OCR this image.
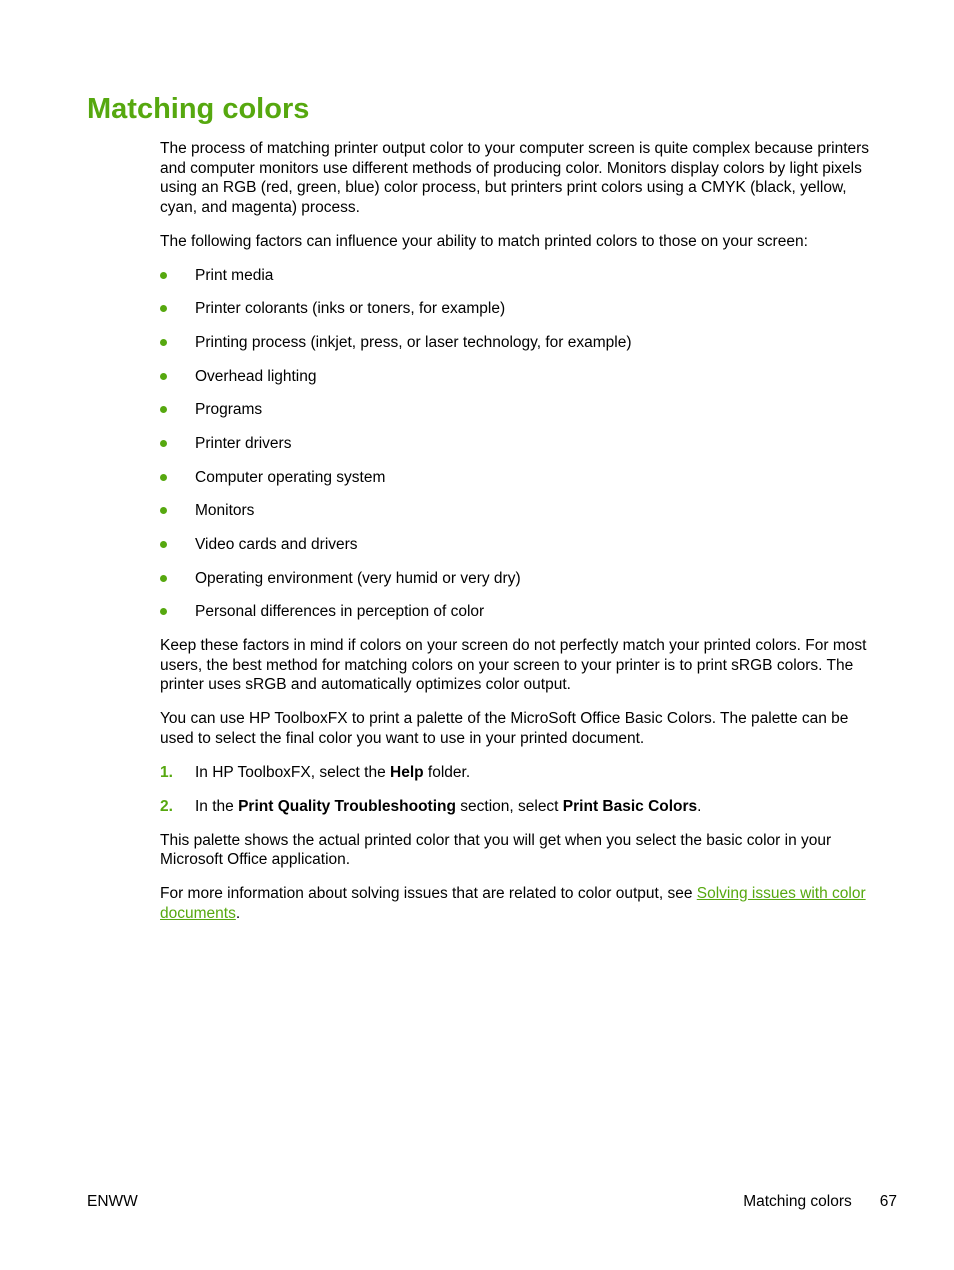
Matching colors

The process of matching printer output color to your computer screen is quite complex because printers and computer monitors use different methods of producing color. Monitors display colors by light pixels using an RGB (red, green, blue) color process, but printers print colors using a CMYK (black, yellow, cyan, and magenta) process.

The following factors can influence your ability to match printed colors to those on your screen:

Print media
Printer colorants (inks or toners, for example)
Printing process (inkjet, press, or laser technology, for example)
Overhead lighting
Programs
Printer drivers
Computer operating system
Monitors
Video cards and drivers
Operating environment (very humid or very dry)
Personal differences in perception of color

Keep these factors in mind if colors on your screen do not perfectly match your printed colors. For most users, the best method for matching colors on your screen to your printer is to print sRGB colors. The printer uses sRGB and automatically optimizes color output.

You can use HP ToolboxFX to print a palette of the MicroSoft Office Basic Colors. The palette can be used to select the final color you want to use in your printed document.

1. In HP ToolboxFX, select the Help folder.
2. In the Print Quality Troubleshooting section, select Print Basic Colors.

This palette shows the actual printed color that you will get when you select the basic color in your Microsoft Office application.

For more information about solving issues that are related to color output, see Solving issues with color documents.

ENWW	Matching colors 67
